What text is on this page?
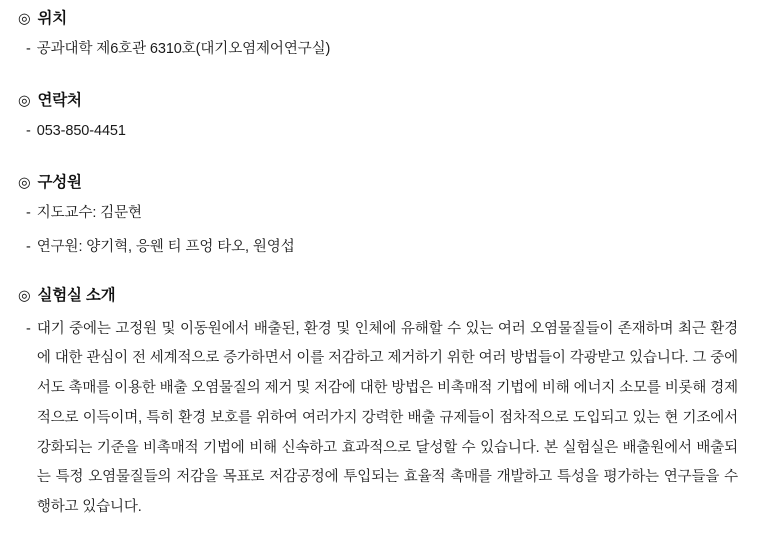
◎ 위치
- 공과대학 제6호관 6310호(대기오염제어연구실)
◎ 연락처
- 053-850-4451
◎ 구성원
- 지도교수: 김문현
- 연구원: 양기혁, 응웬 티 프엉 타오, 원영섭
◎ 실험실 소개
- 대기 중에는 고정원 및 이동원에서 배출된, 환경 및 인체에 유해할 수 있는 여러 오염물질들이 존재하며 최근 환경에 대한 관심이 전 세계적으로 증가하면서 이를 저감하고 제거하기 위한 여러 방법들이 각광받고 있습니다. 그 중에서도 촉매를 이용한 배출 오염물질의 제거 및 저감에 대한 방법은 비촉매적 기법에 비해 에너지 소모를 비롯해 경제적으로 이득이며, 특히 환경 보호를 위하여 여러가지 강력한 배출 규제들이 점차적으로 도입되고 있는 현 기조에서 강화되는 기준을 비촉매적 기법에 비해 신속하고 효과적으로 달성할 수 있습니다. 본 실험실은 배출원에서 배출되는 특정 오염물질들의 저감을 목표로 저감공정에 투입되는 효율적 촉매를 개발하고 특성을 평가하는 연구들을 수행하고 있습니다.
